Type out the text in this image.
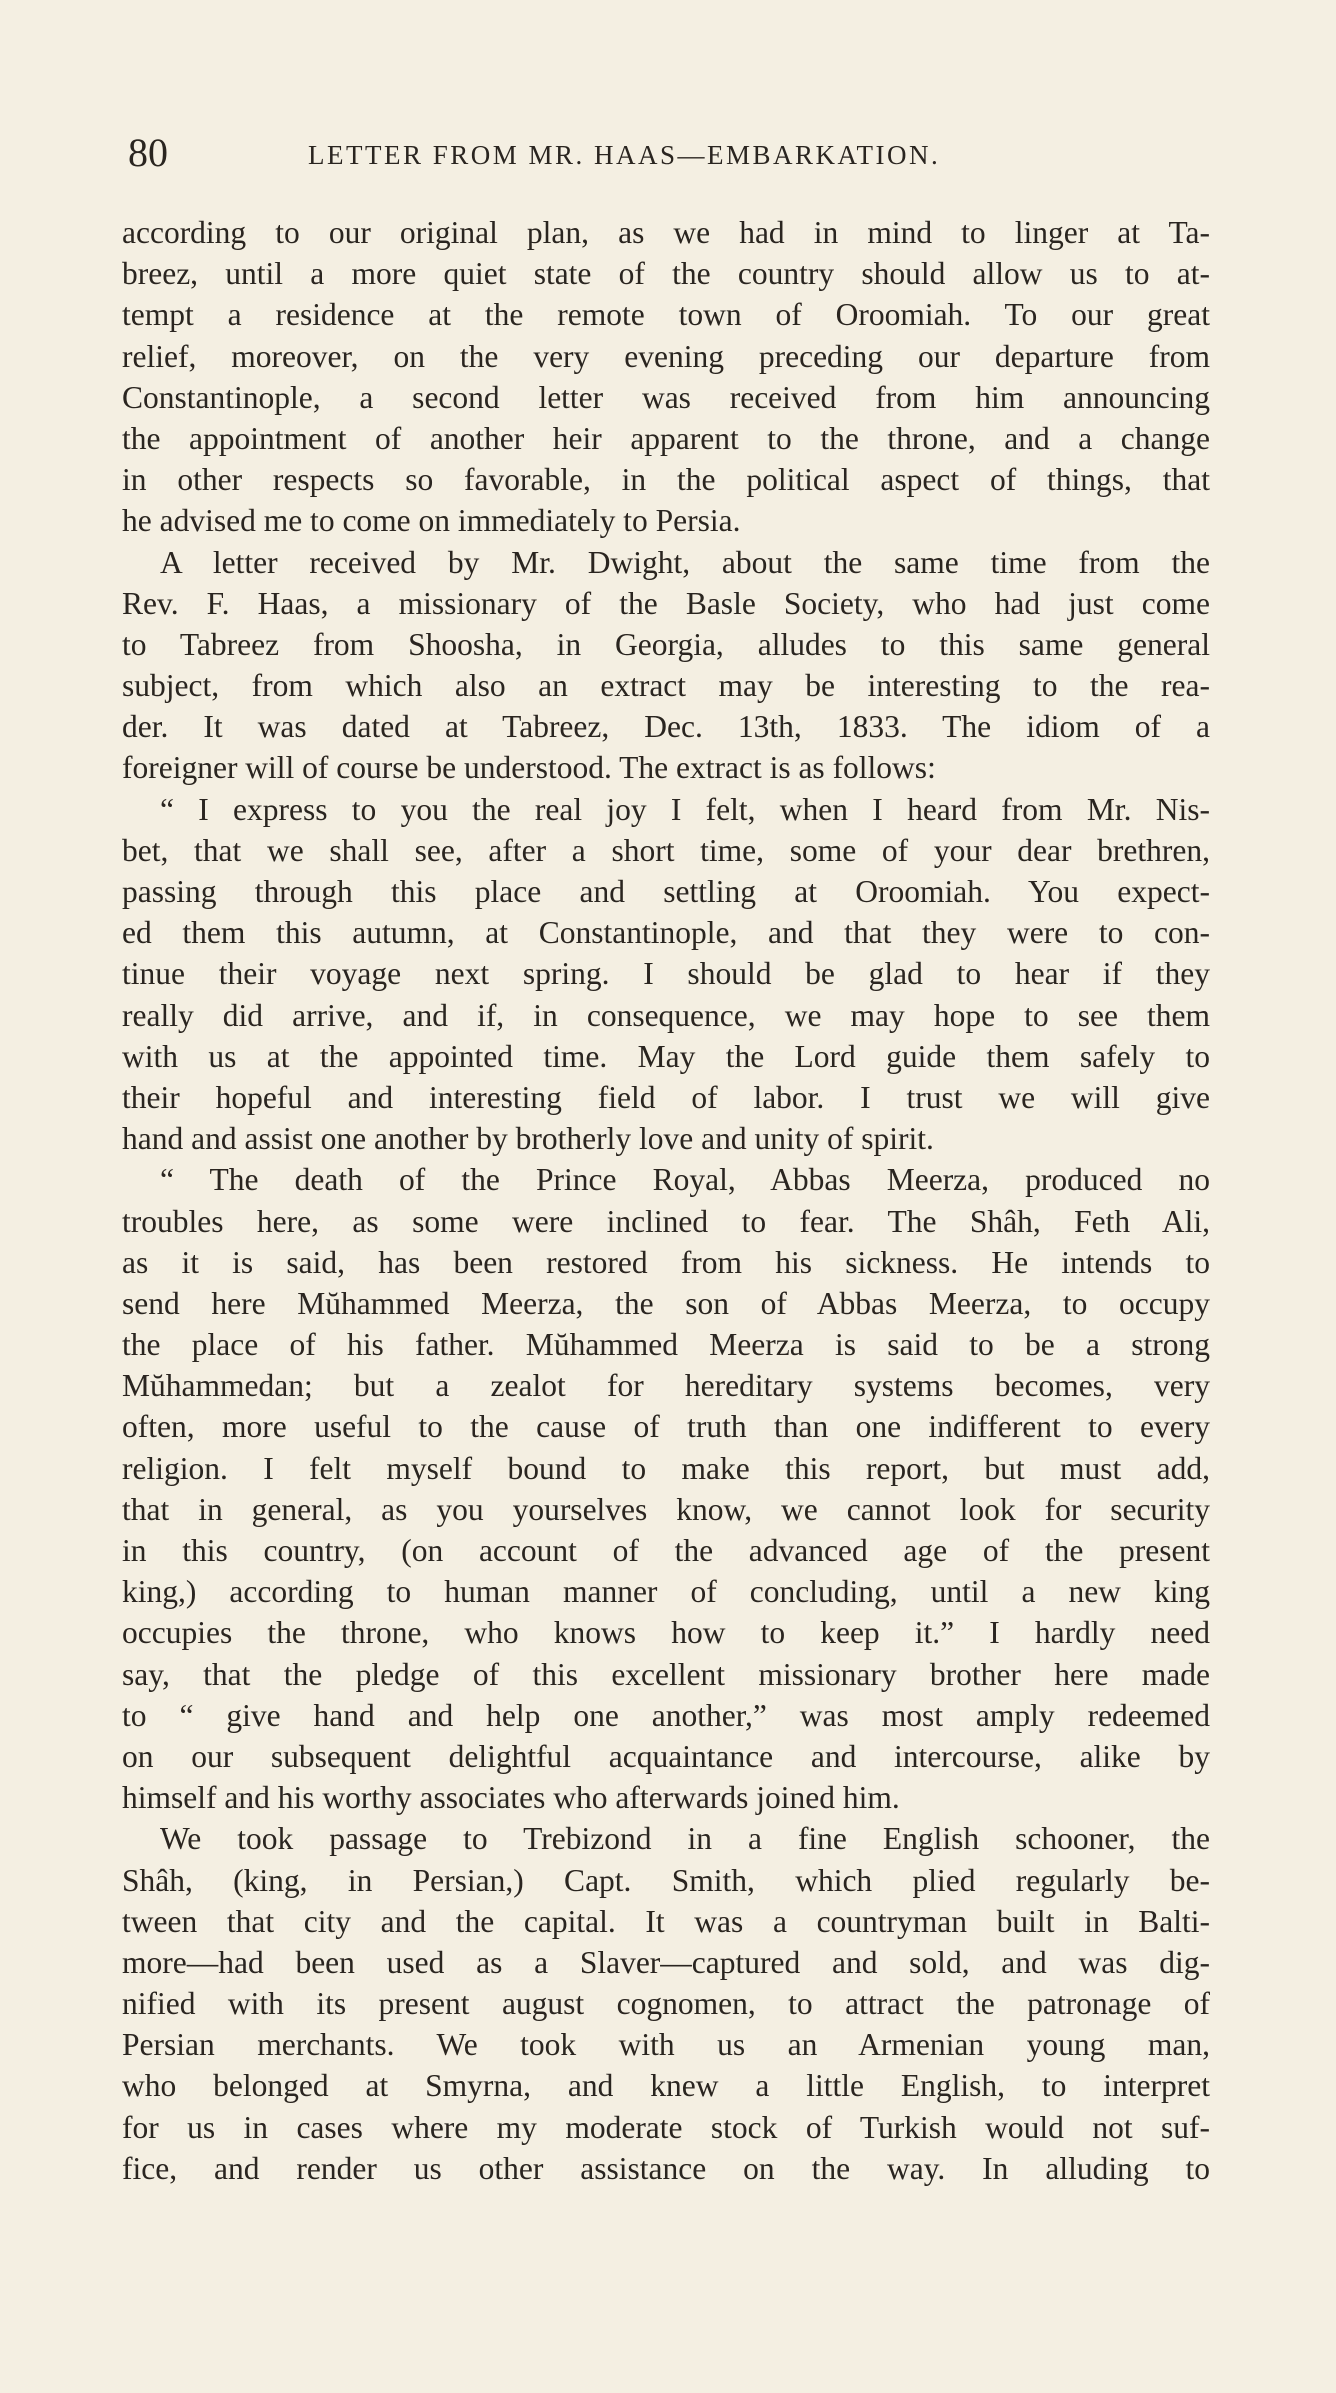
80	LETTER FROM MR. HAAS—EMBARKATION.
according to our original plan, as we had in mind to linger at Ta-
breez, until a more quiet state of the country should allow us to at-
tempt a residence at the remote town of Oroomiah. To our great
relief, moreover, on the very evening preceding our departure from
Constantinople, a second letter was received from him announcing
the appointment of another heir apparent to the throne, and a change
in other respects so favorable, in the political aspect of things, that
he advised me to come on immediately to Persia.
A letter received by Mr. Dwight, about the same time from the
Rev. F. Haas, a missionary of the Basle Society, who had just come
to Tabreez from Shoosha, in Georgia, alludes to this same general
subject, from which also an extract may be interesting to the rea-
der. It was dated at Tabreez, Dec. 13th, 1833. The idiom of a
foreigner will of course be understood. The extract is as follows:
“ I express to you the real joy I felt, when I heard from Mr. Nis-
bet, that we shall see, after a short time, some of your dear brethren,
passing through this place and settling at Oroomiah. You expect-
ed them this autumn, at Constantinople, and that they were to con-
tinue their voyage next spring. I should be glad to hear if they
really did arrive, and if, in consequence, we may hope to see them
with us at the appointed time. May the Lord guide them safely to
their hopeful and interesting field of labor. I trust we will give
hand and assist one another by brotherly love and unity of spirit.
“ The death of the Prince Royal, Abbas Meerza, produced no
troubles here, as some were inclined to fear. The Shâh, Feth Ali,
as it is said, has been restored from his sickness. He intends to
send here Mŭhammed Meerza, the son of Abbas Meerza, to occupy
the place of his father. Mŭhammed Meerza is said to be a strong
Mŭhammedan; but a zealot for hereditary systems becomes, very
often, more useful to the cause of truth than one indifferent to every
religion. I felt myself bound to make this report, but must add,
that in general, as you yourselves know, we cannot look for security
in this country, (on account of the advanced age of the present
king,) according to human manner of concluding, until a new king
occupies the throne, who knows how to keep it.” I hardly need
say, that the pledge of this excellent missionary brother here made
to “ give hand and help one another,” was most amply redeemed
on our subsequent delightful acquaintance and intercourse, alike by
himself and his worthy associates who afterwards joined him.
We took passage to Trebizond in a fine English schooner, the
Shâh, (king, in Persian,) Capt. Smith, which plied regularly be-
tween that city and the capital. It was a countryman built in Balti-
more—had been used as a Slaver—captured and sold, and was dig-
nified with its present august cognomen, to attract the patronage of
Persian merchants. We took with us an Armenian young man,
who belonged at Smyrna, and knew a little English, to interpret
for us in cases where my moderate stock of Turkish would not suf-
fice, and render us other assistance on the way. In alluding to
